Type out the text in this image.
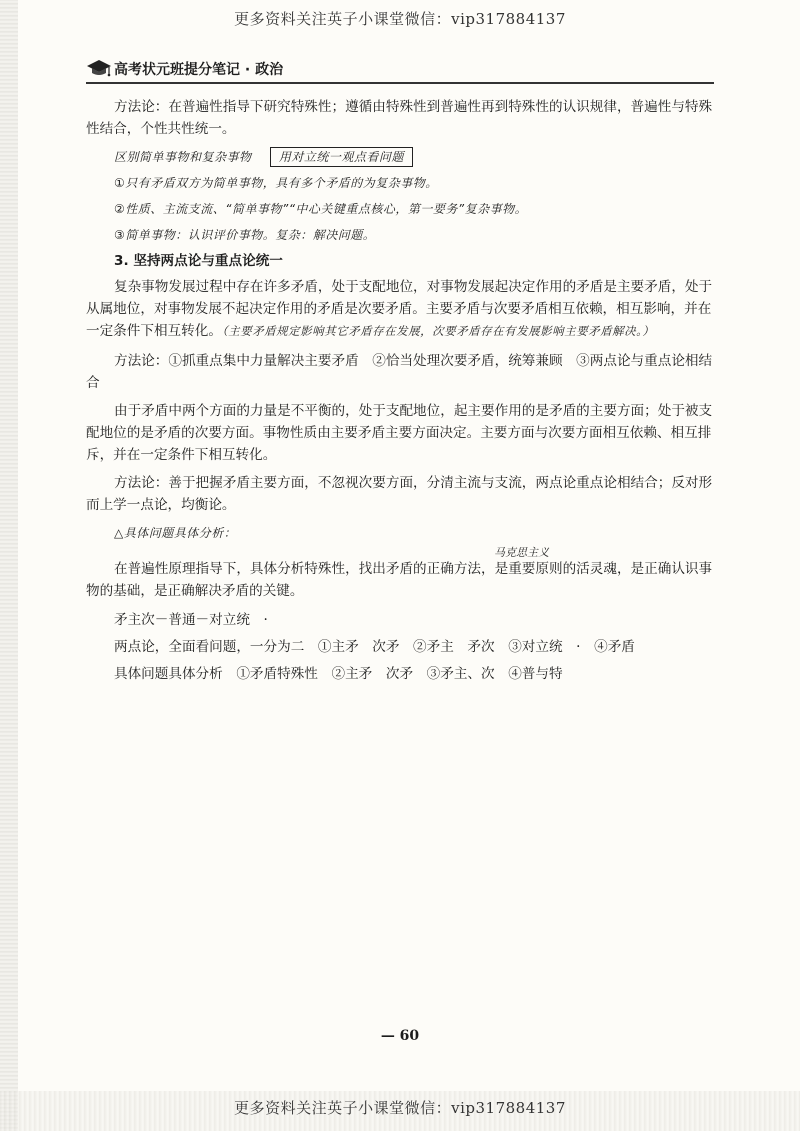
更多资料关注英子小课堂微信：vip317884137
高考状元班提分笔记 · 政治

方法论：在普遍性指导下研究特殊性；遵循由特殊性到普遍性再到特殊性的认识规律，普遍性与特殊性结合，个性共性统一。

区别简单事物和复杂事物 用对立统一观点看问题
①只有矛盾双方为简单事物，具有多个矛盾的为复杂事物。
②性质、主流支流、“简单事物”“中心关键重点核心，第一要务”复杂事物。
③简单事物：认识评价事物。复杂：解决问题。
3. 坚持两点论与重点论统一

复杂事物发展过程中存在许多矛盾，处于支配地位，对事物发展起决定作用的矛盾是主要矛盾，处于从属地位，对事物发展不起决定作用的矛盾是次要矛盾。主要矛盾与次要矛盾相互依赖，相互影响，并在一定条件下相互转化。（主要矛盾规定影响其它矛盾存在发展，次要矛盾存在有发展影响主要矛盾解决。）

方法论：①抓重点集中力量解决主要矛盾　②恰当处理次要矛盾，统筹兼顾　③两点论与重点论相结合

由于矛盾中两个方面的力量是不平衡的，处于支配地位，起主要作用的是矛盾的主要方面；处于被支配地位的是矛盾的次要方面。事物性质由主要矛盾主要方面决定。主要方面与次要方面相互依赖、相互排斥，并在一定条件下相互转化。

方法论：善于把握矛盾主要方面，不忽视次要方面，分清主流与支流，两点论重点论相结合；反对形而上学一点论，均衡论。

△具体问题具体分析：
马克思主义

在普遍性原理指导下，具体分析特殊性，找出矛盾的正确方法，是重要原则的活灵魂，是正确认识事物的基础，是正确解决矛盾的关键。

矛主次－普通－对立统　·
两点论，全面看问题，一分为二　①主矛　次矛　②矛主　矛次　③对立统　·　④矛盾
具体问题具体分析　①矛盾特殊性　②主矛　次矛　③矛主、次　④普与特
— 60
更多资料关注英子小课堂微信：vip317884137
